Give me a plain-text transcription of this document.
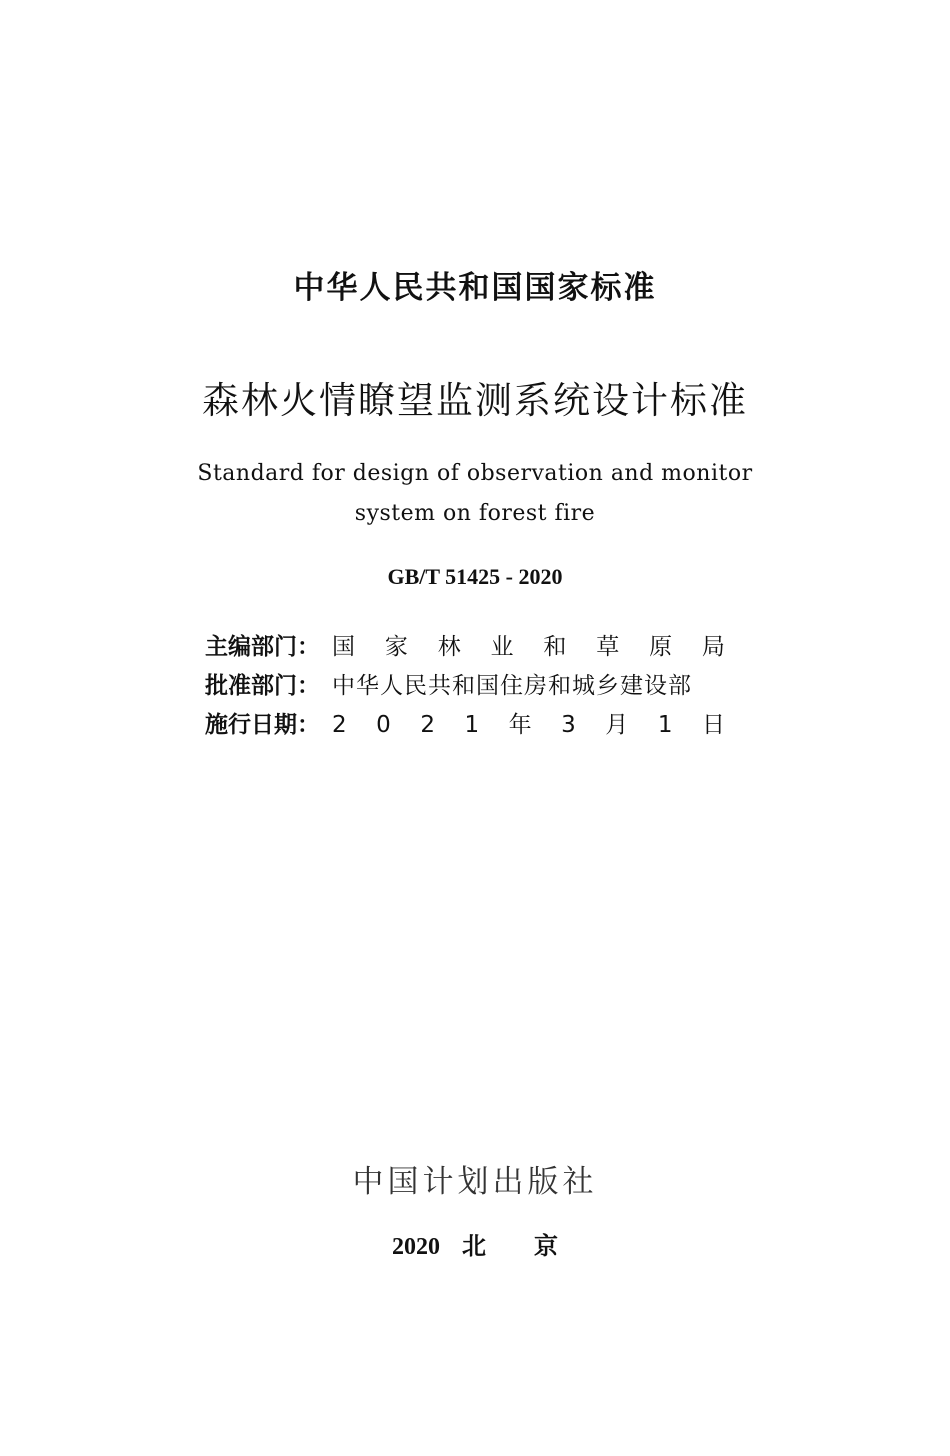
中华人民共和国国家标准
森林火情瞭望监测系统设计标准
Standard for design of observation and monitor
system on forest fire
GB/T 51425 - 2020
主编部门： 国 家 林 业 和 草 原 局
批准部门： 中华人民共和国住房和城乡建设部
施行日期： 2 0 2 1 年 3 月 1 日
中国计划出版社
2020 北 京
